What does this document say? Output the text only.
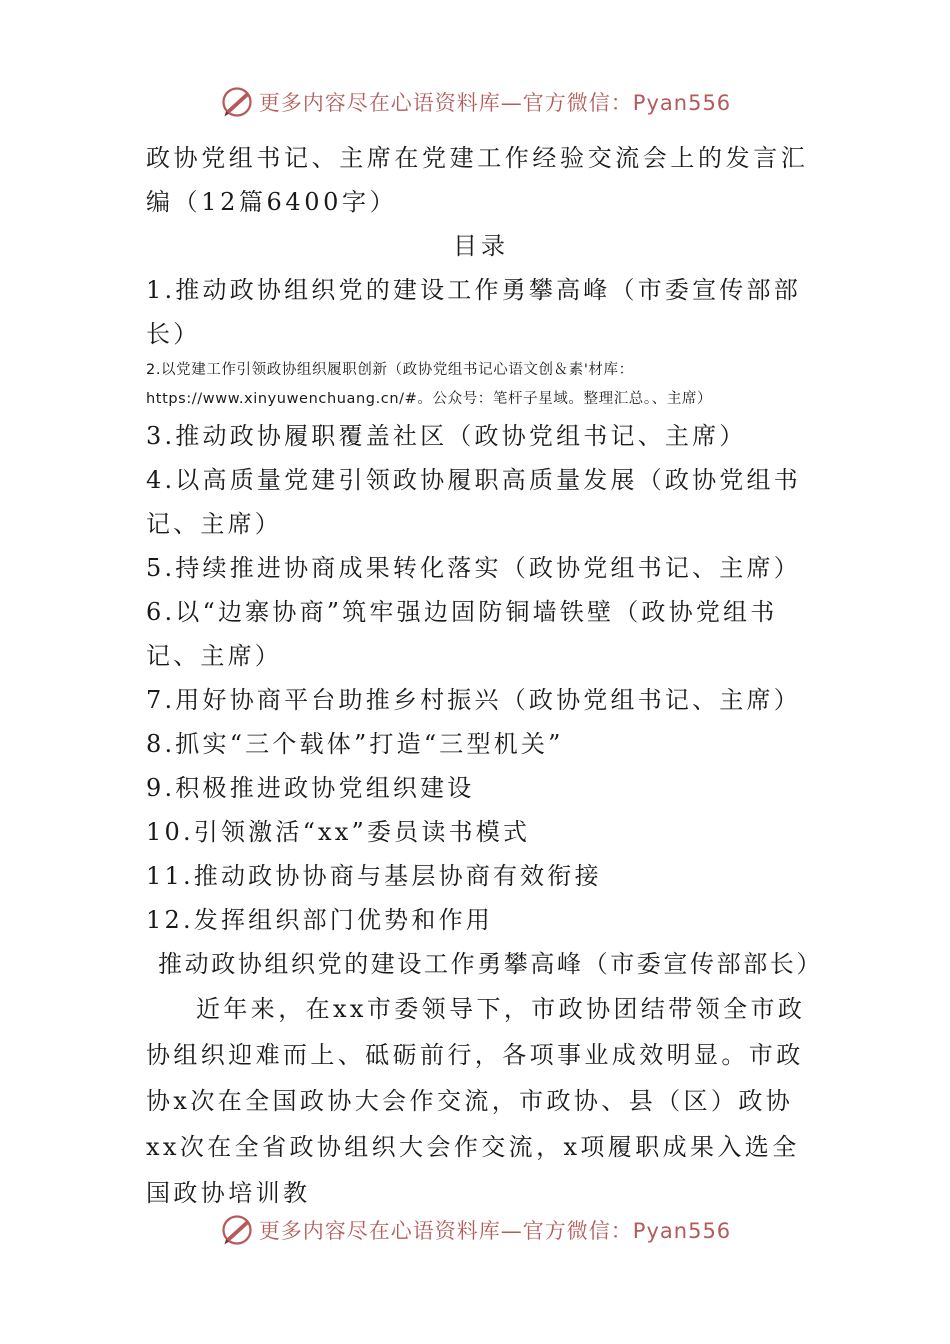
更多内容尽在心语资料库—官方微信：Pyan556
政协党组书记、主席在党建工作经验交流会上的发言汇编（12篇6400字）
目录
1.推动政协组织党的建设工作勇攀高峰（市委宣传部部长）
2.以党建工作引领政协组织履职创新（政协党组书记心语文创＆素'材库：https://www.xinyuwenchuang.cn/#。公众号：笔杆子星域。整理汇总。、主席）
3.推动政协履职覆盖社区（政协党组书记、主席）
4.以高质量党建引领政协履职高质量发展（政协党组书记、主席）
5.持续推进协商成果转化落实（政协党组书记、主席）
6.以“边寨协商”筑牢强边固防铜墙铁壁（政协党组书记、主席）
7.用好协商平台助推乡村振兴（政协党组书记、主席）
8.抓实“三个载体”打造“三型机关”
9.积极推进政协党组织建设
10.引领激活“xx”委员读书模式
11.推动政协协商与基层协商有效衔接
12.发挥组织部门优势和作用
推动政协组织党的建设工作勇攀高峰（市委宣传部部长）
近年来，在xx市委领导下，市政协团结带领全市政协组织迎难而上、砥砺前行，各项事业成效明显。市政协x次在全国政协大会作交流，市政协、县（区）政协xx次在全省政协组织大会作交流，x项履职成果入选全国政协培训教
更多内容尽在心语资料库—官方微信：Pyan556
